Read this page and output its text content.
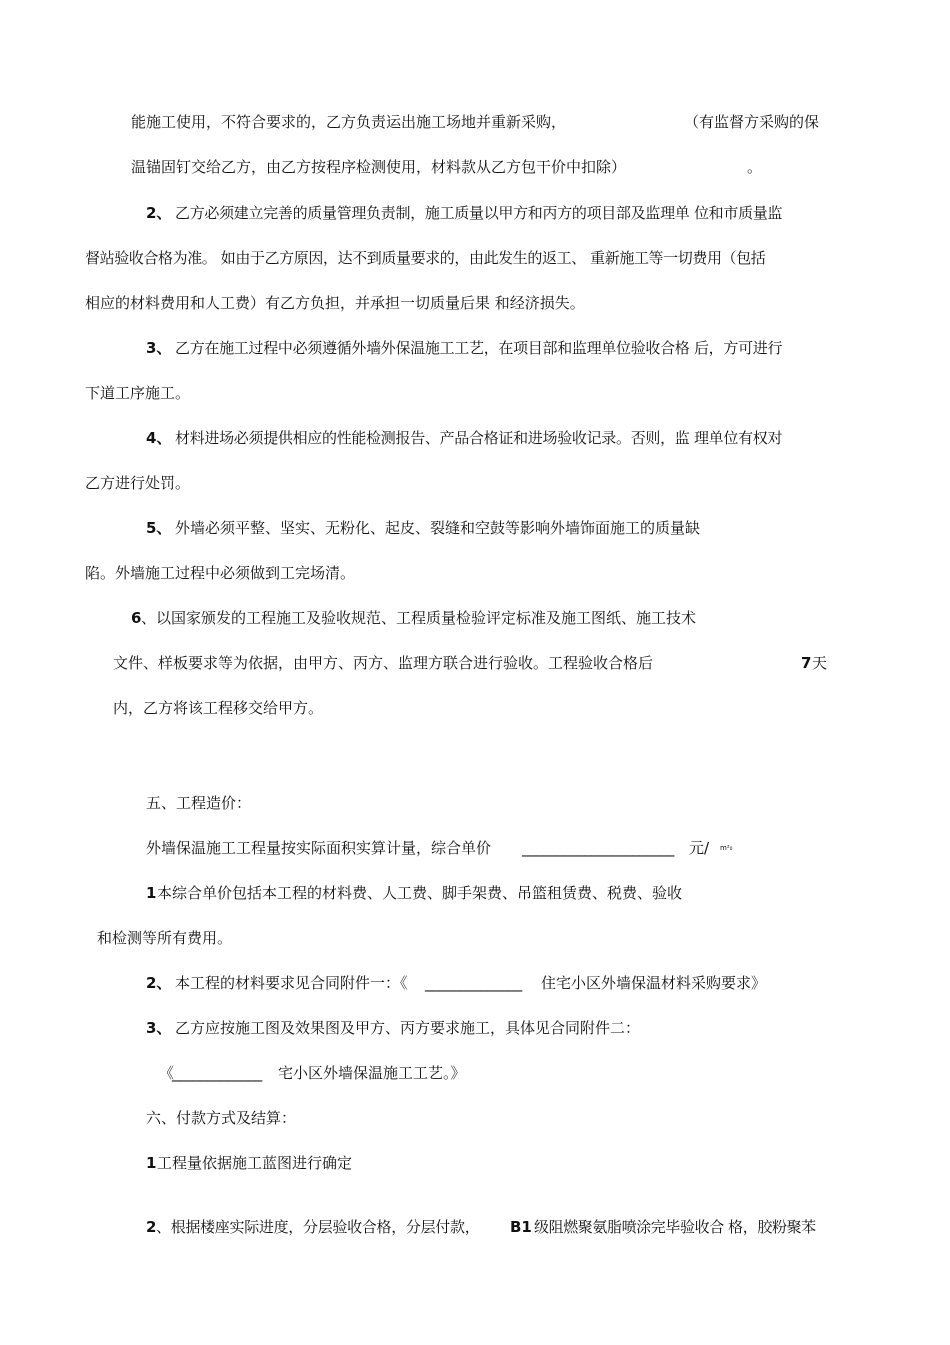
能施工使用，不符合要求的，乙方负责运出施工场地并重新采购，	（有监督方采购的保
温锚固钉交给乙方，由乙方按程序检测使用，材料款从乙方包干价中扣除）	。
2、 乙方必须建立完善的质量管理负责制，施工质量以甲方和丙方的项目部及监理单 位和市质量监
督站验收合格为准。 如由于乙方原因，达不到质量要求的，由此发生的返工、 重新施工等一切费用（包括
相应的材料费用和人工费）有乙方负担，并承担一切质量后果 和经济损失。
3、 乙方在施工过程中必须遵循外墙外保温施工工艺，在项目部和监理单位验收合格 后，方可进行
下道工序施工。
4、 材料进场必须提供相应的性能检测报告、产品合格证和进场验收记录。否则，监 理单位有权对
乙方进行处罚。
5、 外墙必须平整、坚实、无粉化、起皮、裂缝和空鼓等影响外墙饰面施工的质量缺
陷。外墙施工过程中必须做到工完场清。
6 、以国家颁发的工程施工及验收规范、工程质量检验评定标准及施工图纸、施工技术
文件、样板要求等为依据，由甲方、丙方、监理方联合进行验收。工程验收合格后	7 天
内，乙方将该工程移交给甲方。
五、工程造价：
外墙保温施工工程量按实际面积实算计量，综合单价 ______________________ 元/ m²₀
1 本综合单价包括本工程的材料费、人工费、脚手架费、吊篮租赁费、税费、验收
和检测等所有费用。
2、 本工程的材料要求见合同附件一：《 ______________ 住宅小区外墙保温材料采购要求》
3、 乙方应按施工图及效果图及甲方、丙方要求施工，具体见合同附件二：
《
_____________ 宅小区外墙保温施工工艺。》
六、付款方式及结算：
1 工程量依据施工蓝图进行确定
2 、根据楼座实际进度，分层验收合格，分层付款， B1 级阻燃聚氨脂喷涂完毕验收合 格，胶粉聚苯
